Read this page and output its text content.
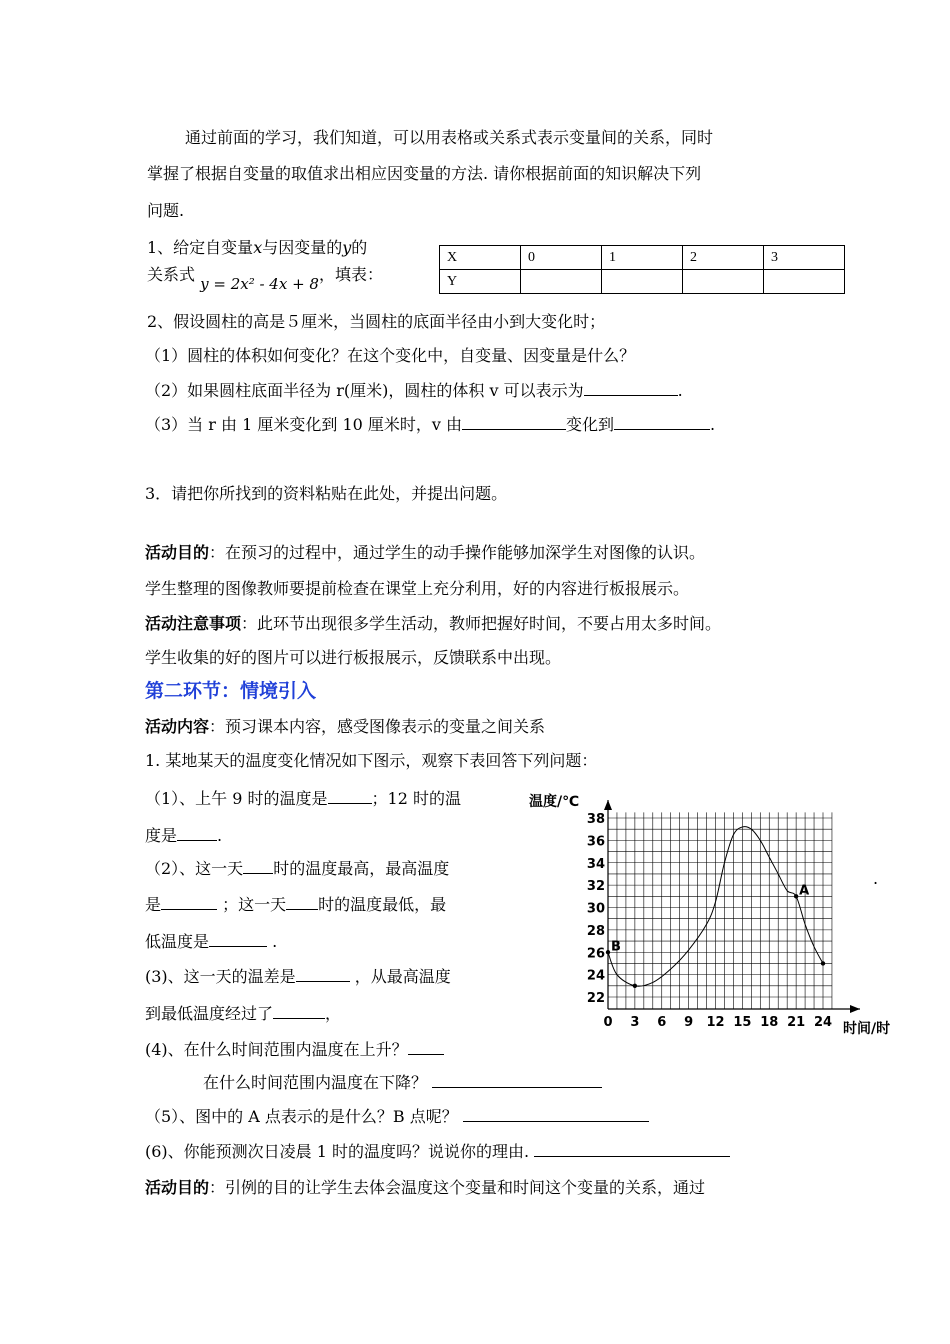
通过前面的学习，我们知道，可以用表格或关系式表示变量间的关系，同时
掌握了根据自变量的取值求出相应因变量的方法. 请你根据前面的知识解决下列
问题.
1、给定自变量x与因变量的y的
关系式 y = 2x² - 4x + 8，填表：
X	0	1	2	3
Y				
2、假设圆柱的高是５厘米，当圆柱的底面半径由小到大变化时；
（1）圆柱的体积如何变化？在这个变化中，自变量、因变量是什么？
（2）如果圆柱底面半径为 r(厘米)，圆柱的体积 v 可以表示为	.
（3）当 r 由 1 厘米变化到 10 厘米时，v 由	变化到	.
3．请把你所找到的资料粘贴在此处，并提出问题。
活动目的：在预习的过程中，通过学生的动手操作能够加深学生对图像的认识。
学生整理的图像教师要提前检查在课堂上充分利用，好的内容进行板报展示。
活动注意事项：此环节出现很多学生活动，教师把握好时间，不要占用太多时间。
学生收集的好的图片可以进行板报展示，反馈联系中出现。
第二环节：情境引入
活动内容：预习课本内容，感受图像表示的变量之间关系
1. 某地某天的温度变化情况如下图示，观察下表回答下列问题：
（1）、上午 9 时的温度是	；12 时的温
度是	.
（2）、这一天 时的温度最高，最高温度
是	；这一天 时的温度最低，最
低温度是	.
(3)、这一天的温差是	，从最高温度
到最低温度经过了	，
(4)、在什么时间范围内温度在上升？
在什么时间范围内温度在下降？
（5）、图中的 A 点表示的是什么？B 点呢？
(6)、你能预测次日凌晨 1 时的温度吗？说说你的理由.
活动目的：引例的目的让学生去体会温度这个变量和时间这个变量的关系，通过
.
0 3 6 9 12 15 18 21 24
22
24
26
28
30
32
34
36
38
A
B
温度/℃
时间/时
